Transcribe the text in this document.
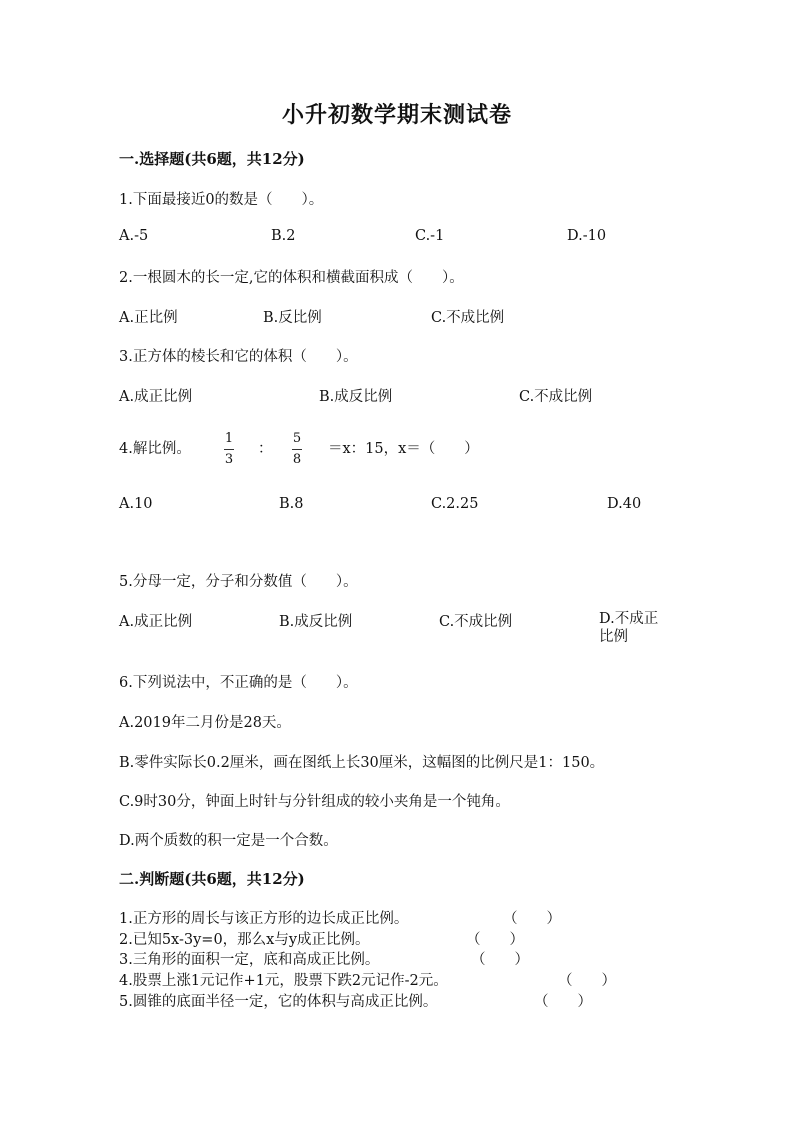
小升初数学期末测试卷
一.选择题(共6题，共12分)
1.下面最接近0的数是（　　）。
A.-5	B.2	C.-1	D.-10
2.一根圆木的长一定,它的体积和横截面积成（　　）。
A.正比例	B.反比例	C.不成比例
3.正方体的棱长和它的体积（　　）。
A.成正比例	B.成反比例	C.不成比例
4.解比例。
1
3
：
5
8
＝x：15，x＝（　　）
A.10	B.8	C.2.25	D.40
5.分母一定，分子和分数值（　　）。
A.成正比例	B.成反比例	C.不成比例	D.不成正比例
6.下列说法中，不正确的是（　　）。
A.2019年二月份是28天。
B.零件实际长0.2厘米，画在图纸上长30厘米，这幅图的比例尺是1：150。
C.9时30分，钟面上时针与分针组成的较小夹角是一个钝角。
D.两个质数的积一定是一个合数。
二.判断题(共6题，共12分)
1.正方形的周长与该正方形的边长成正比例。	（　　）
2.已知5x-3y=0，那么x与y成正比例。	（　　）
3.三角形的面积一定，底和高成正比例。	（　　）
4.股票上涨1元记作+1元，股票下跌2元记作-2元。	（　　）
5.圆锥的底面半径一定，它的体积与高成正比例。	（　　）
